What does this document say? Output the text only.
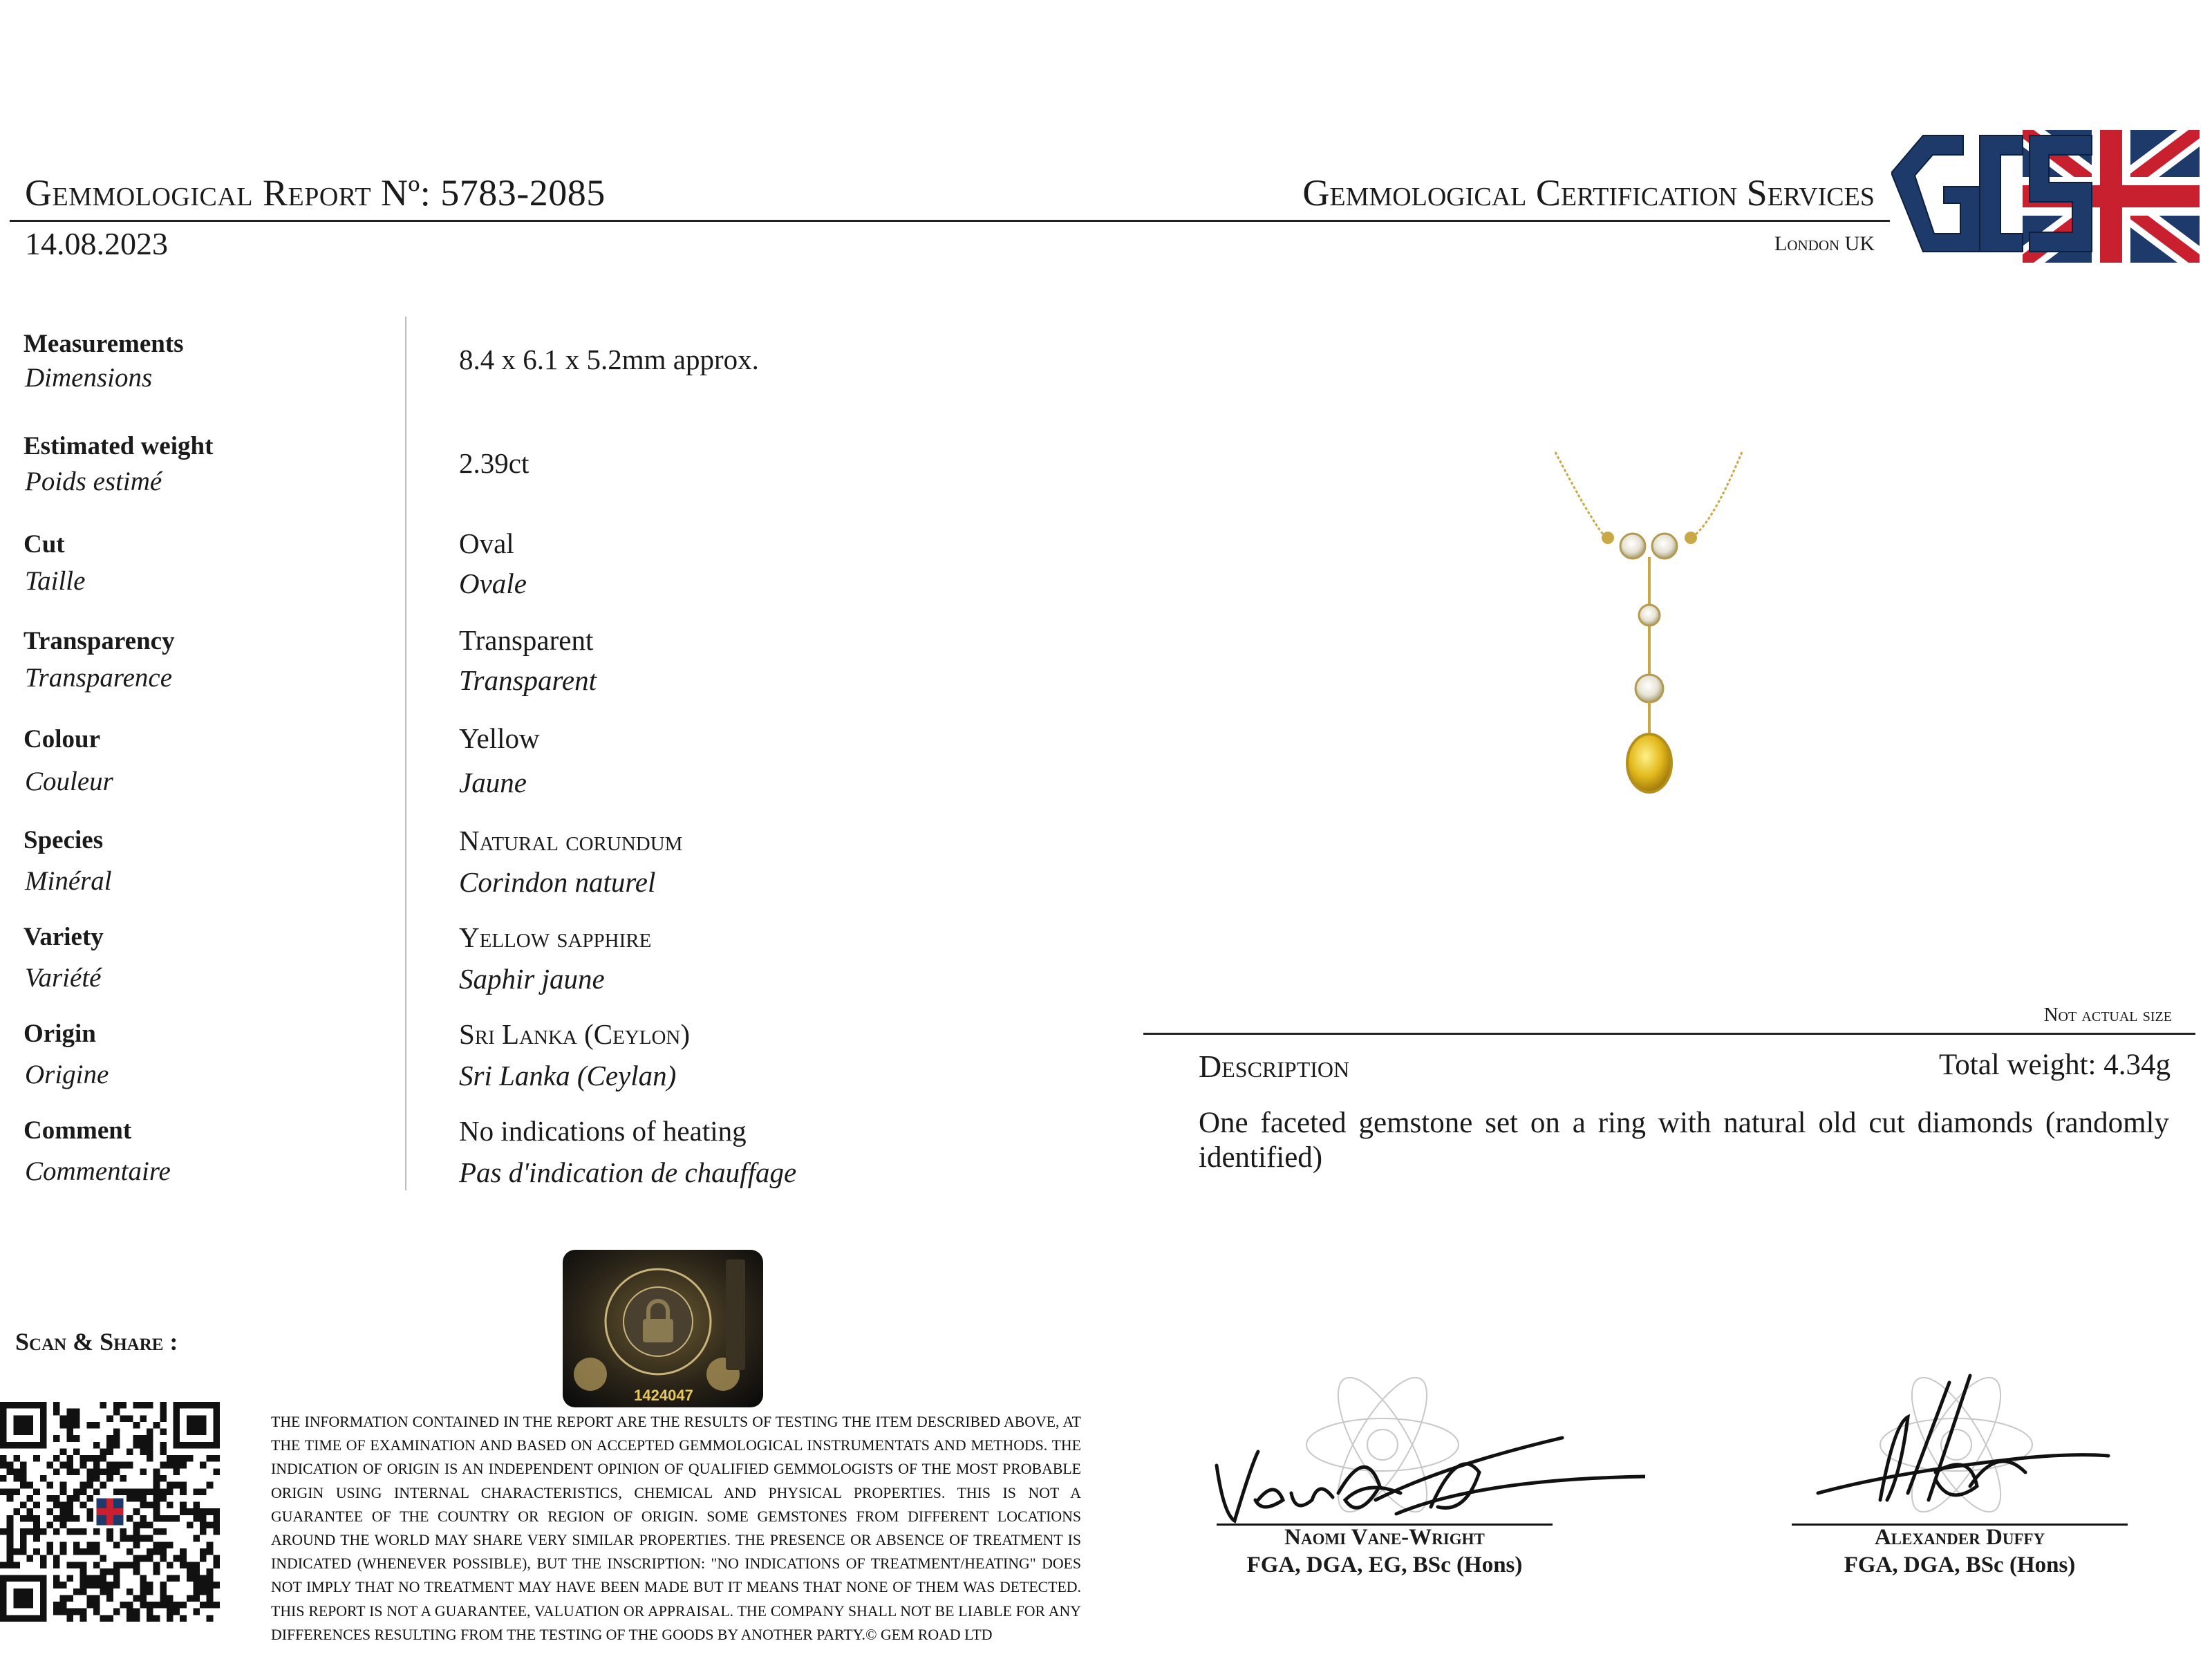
Gemmological Report Nº: 5783-2085
14.08.2023
Gemmological Certification Services
London UK
Measurements
Dimensions
8.4 x 6.1 x 5.2mm approx.
Estimated weight
Poids estimé
2.39ct
Cut
Taille
Oval
Ovale
Transparency
Transparence
Transparent
Transparent
Colour
Couleur
Yellow
Jaune
Species
Minéral
Natural corundum
Corindon naturel
Variety
Variété
Yellow sapphire
Saphir jaune
Origin
Origine
Sri Lanka (Ceylon)
Sri Lanka (Ceylan)
Comment
Commentaire
No indications of heating
Pas d'indication de chauffage
Not actual size
Description	Total weight: 4.34g
One faceted gemstone set on a ring with natural old cut diamonds (randomly identified)
Scan & Share :
1424047
THE INFORMATION CONTAINED IN THE REPORT ARE THE RESULTS OF TESTING THE ITEM DESCRIBED ABOVE, AT THE TIME OF EXAMINATION AND BASED ON ACCEPTED GEMMOLOGICAL INSTRUMENTATS AND METHODS. THE INDICATION OF ORIGIN IS AN INDEPENDENT OPINION OF QUALIFIED GEMMOLOGISTS OF THE MOST PROBABLE ORIGIN USING INTERNAL CHARACTERISTICS, CHEMICAL AND PHYSICAL PROPERTIES. THIS IS NOT A GUARANTEE OF THE COUNTRY OR REGION OF ORIGIN. SOME GEMSTONES FROM DIFFERENT LOCATIONS AROUND THE WORLD MAY SHARE VERY SIMILAR PROPERTIES. THE PRESENCE OR ABSENCE OF TREATMENT IS INDICATED (WHENEVER POSSIBLE), BUT THE INSCRIPTION: "NO INDICATIONS OF TREATMENT/HEATING" DOES NOT IMPLY THAT NO TREATMENT MAY HAVE BEEN MADE BUT IT MEANS THAT NONE OF THEM WAS DETECTED. THIS REPORT IS NOT A GUARANTEE, VALUATION OR APPRAISAL. THE COMPANY SHALL NOT BE LIABLE FOR ANY DIFFERENCES RESULTING FROM THE TESTING OF THE GOODS BY ANOTHER PARTY.© GEM ROAD LTD
Naomi Vane-Wright
FGA, DGA, EG, BSc (Hons)
Alexander Duffy
FGA, DGA, BSc (Hons)
